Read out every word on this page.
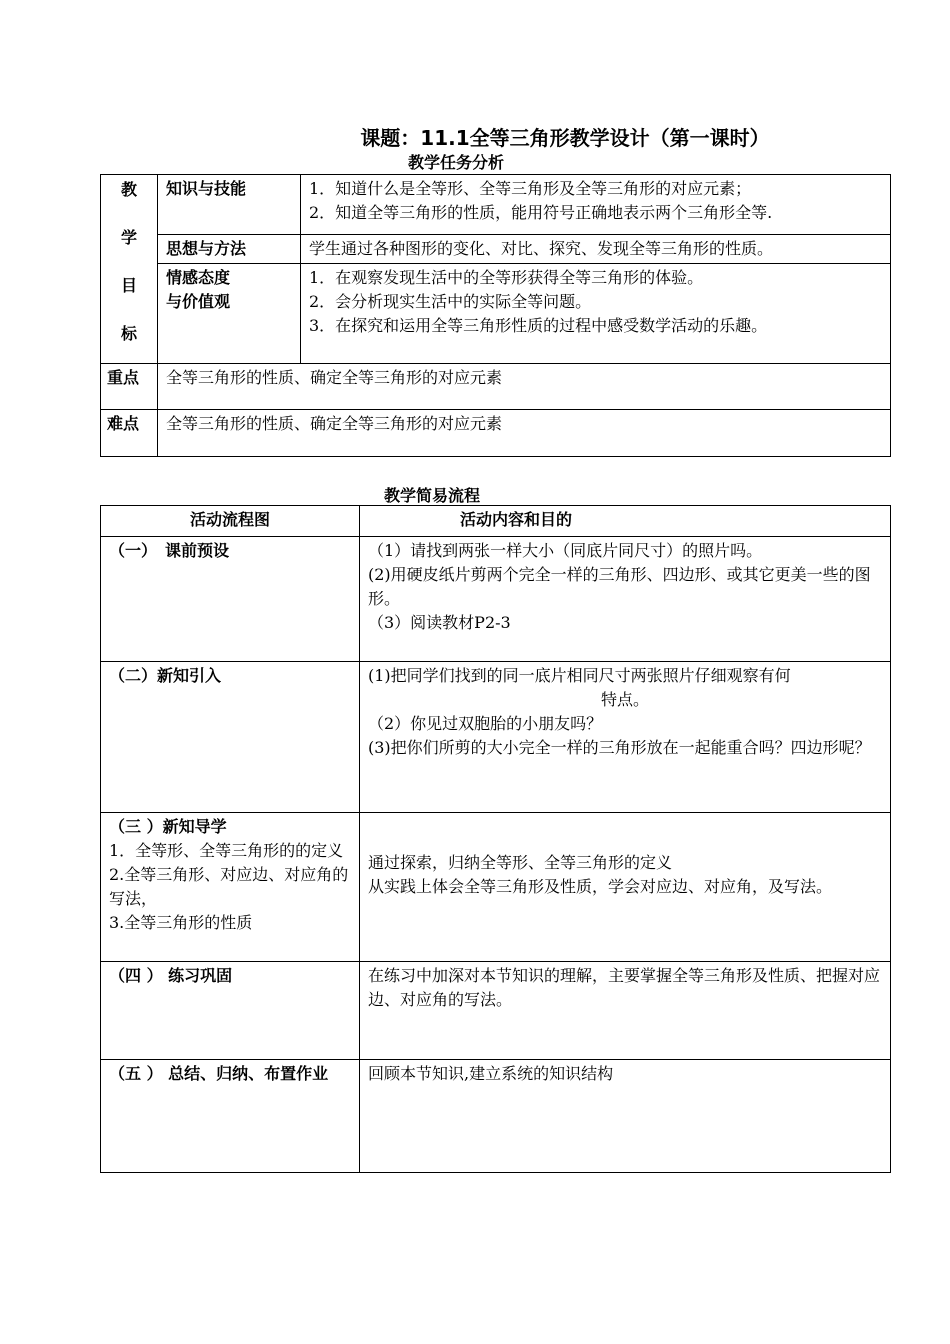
课题：11.1全等三角形教学设计（第一课时）
教学任务分析
教
学
目
标	知识与技能	1．知道什么是全等形、全等三角形及全等三角形的对应元素；
2．知道全等三角形的性质，能用符号正确地表示两个三角形全等.

	思想与方法	学生通过各种图形的变化、对比、探究、发现全等三角形的性质。

	情感态度
与价值观	1．在观察发现生活中的全等形获得全等三角形的体验。
2．会分析现实生活中的实际全等问题。
3．在探究和运用全等三角形性质的过程中感受数学活动的乐趣。

重点	全等三角形的性质、确定全等三角形的对应元素	
难点	全等三角形的性质、确定全等三角形的对应元素	
教学简易流程
活动流程图	活动内容和目的
（一）　课前预设	（1）请找到两张一样大小（同底片同尺寸）的照片吗。
(2)用硬皮纸片剪两个完全一样的三角形、四边形、或其它更美一些的图形。
（3）阅读教材P2-3

（二）新知引入	(1)把同学们找到的同一底片相同尺寸两张照片仔细观察有何
特点。
（2）你见过双胞胎的小朋友吗？
(3)把你们所剪的大小完全一样的三角形放在一起能重合吗？四边形呢？

（三 ）新知导学
1．全等形、全等三角形的的定义
2.全等三角形、对应边、对应角的写法，
3.全等三角形的性质	通过探索，归纳全等形、全等三角形的定义
从实践上体会全等三角形及性质，学会对应边、对应角，及写法。

（四 ） 练习巩固	在练习中加深对本节知识的理解，主要掌握全等三角形及性质、把握对应边、对应角的写法。
（五 ） 总结、归纳、布置作业	回顾本节知识,建立系统的知识结构
